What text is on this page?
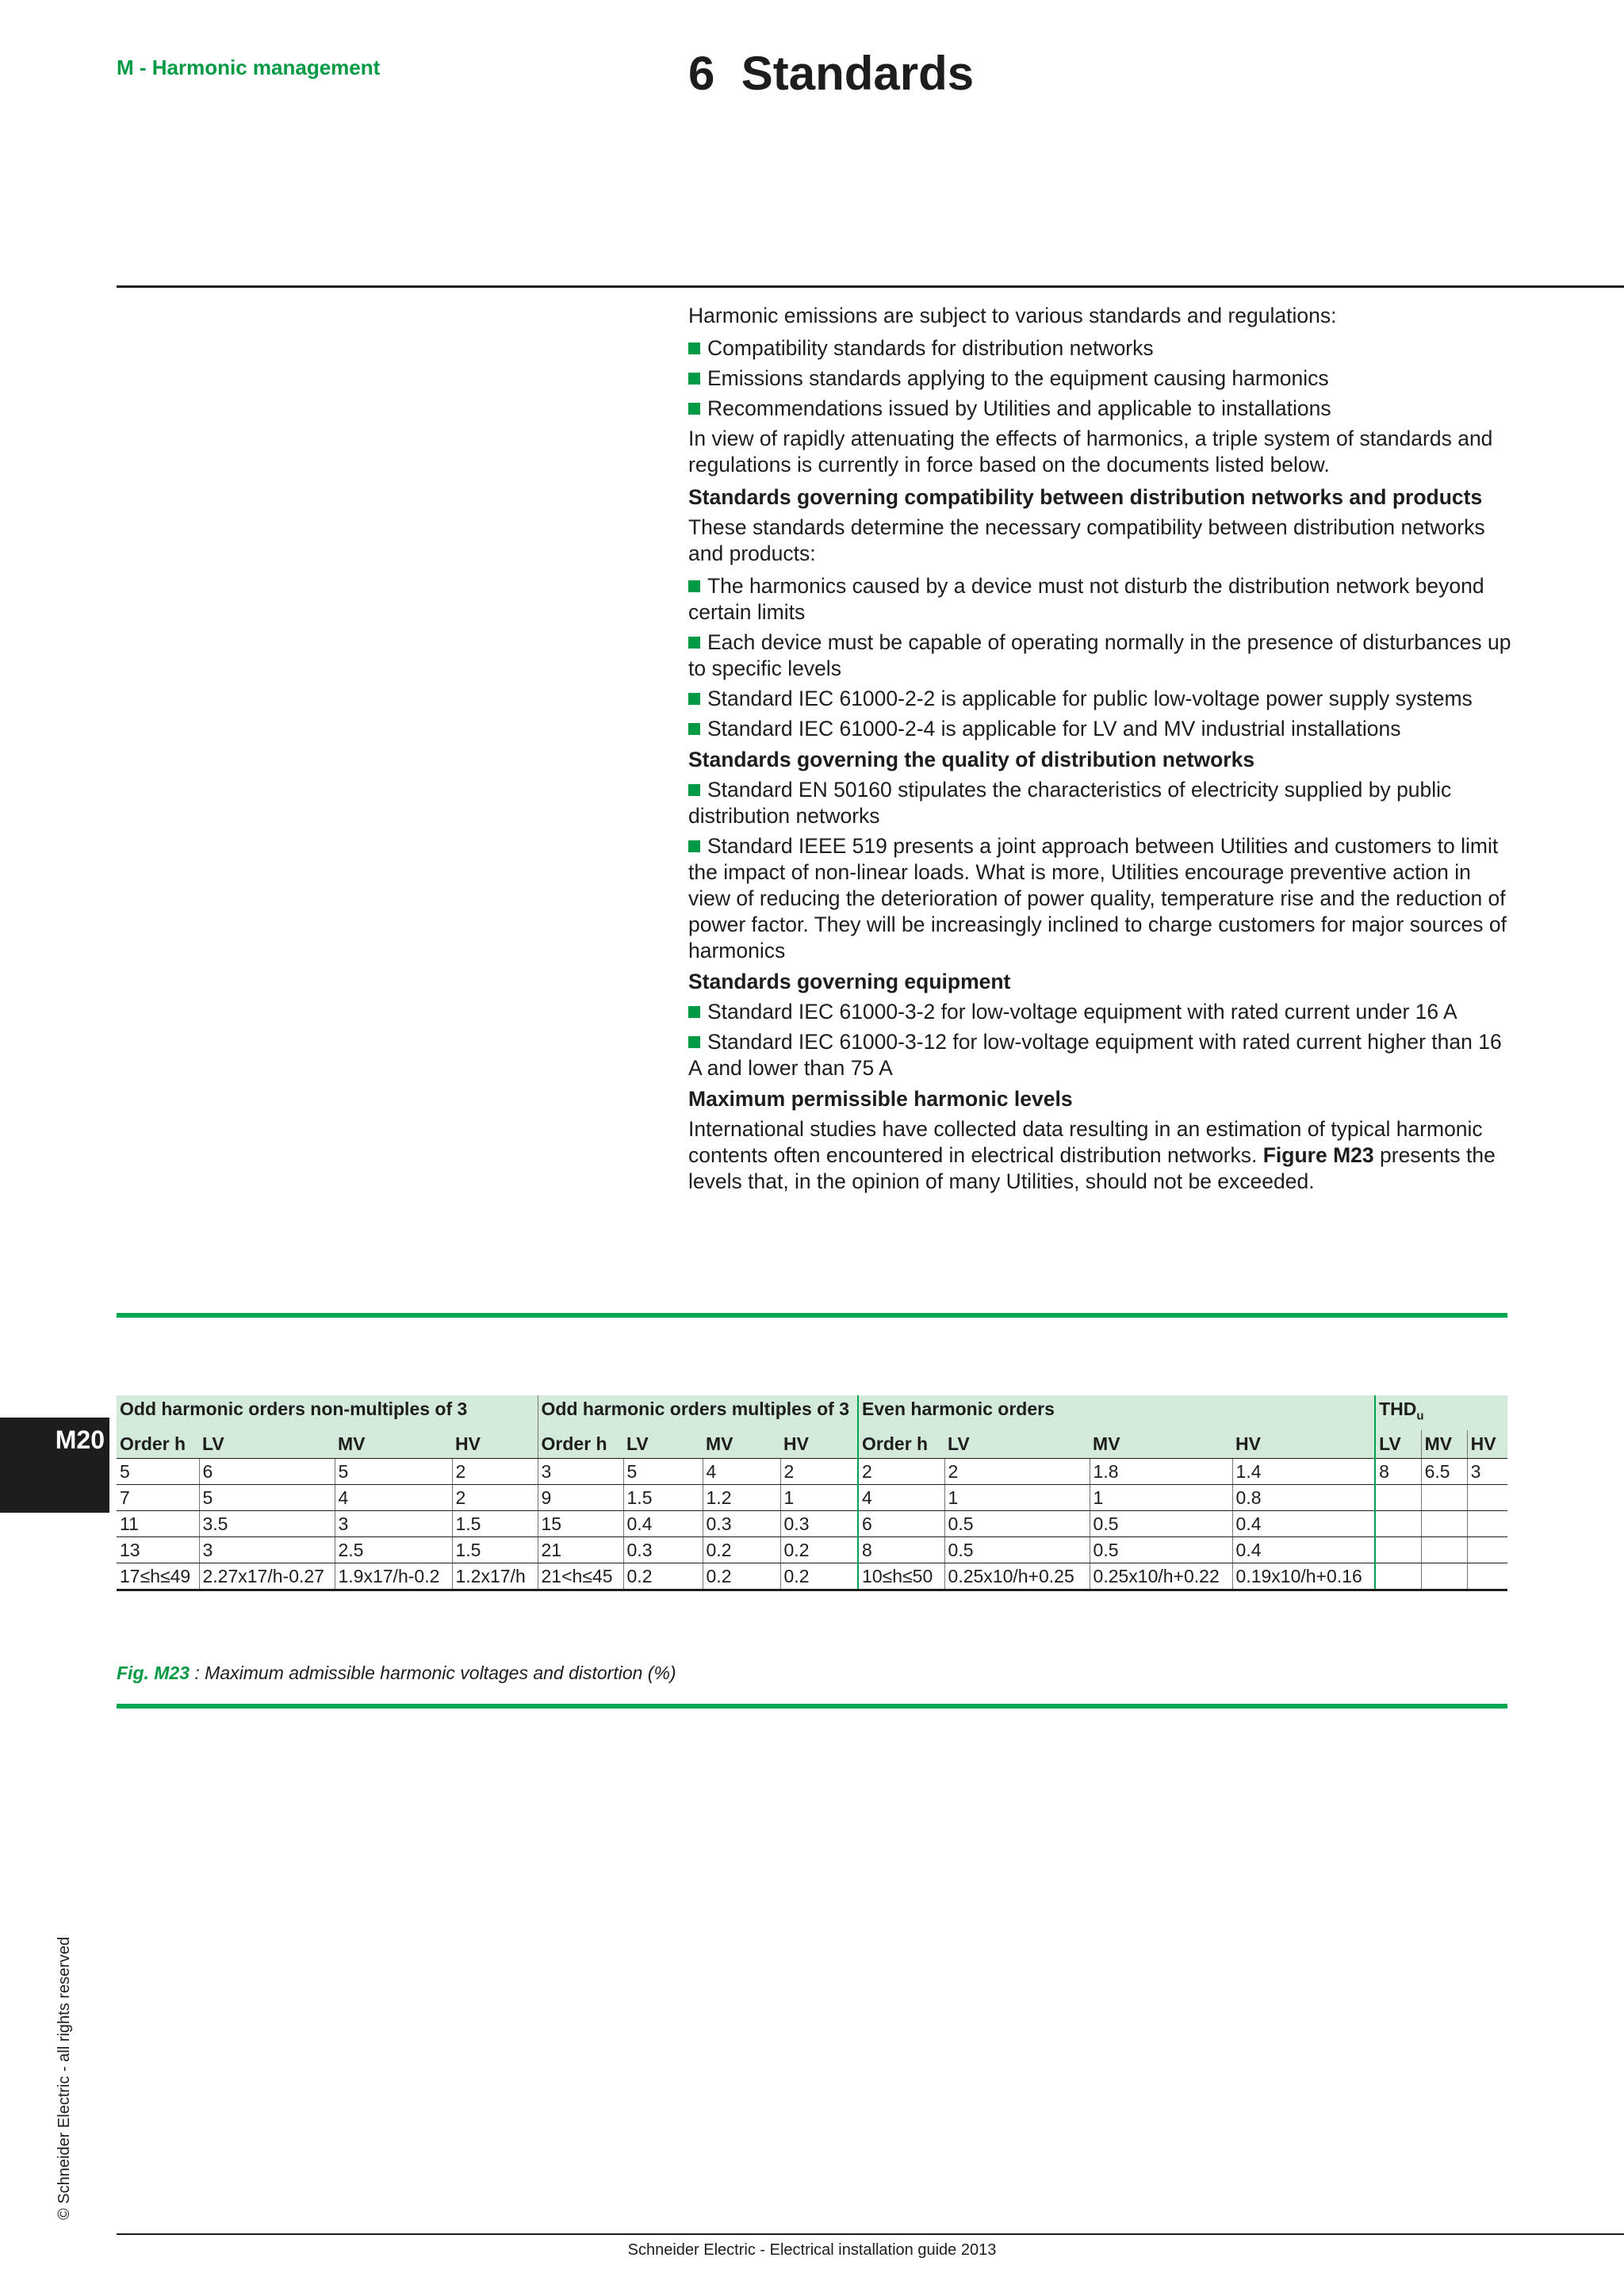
M - Harmonic management	6 Standards

Harmonic emissions are subject to various standards and regulations:

Compatibility standards for distribution networks

Emissions standards applying to the equipment causing harmonics

Recommendations issued by Utilities and applicable to installations

In view of rapidly attenuating the effects of harmonics, a triple system of standards and regulations is currently in force based on the documents listed below.

Standards governing compatibility between distribution networks and products

These standards determine the necessary compatibility between distribution networks and products:

The harmonics caused by a device must not disturb the distribution network beyond certain limits

Each device must be capable of operating normally in the presence of disturbances up to specific levels

Standard IEC 61000-2-2 is applicable for public low-voltage power supply systems

Standard IEC 61000-2-4 is applicable for LV and MV industrial installations

Standards governing the quality of distribution networks

Standard EN 50160 stipulates the characteristics of electricity supplied by public distribution networks

Standard IEEE 519 presents a joint approach between Utilities and customers to limit the impact of non-linear loads. What is more, Utilities encourage preventive action in view of reducing the deterioration of power quality, temperature rise and the reduction of power factor. They will be increasingly inclined to charge customers for major sources of harmonics

Standards governing equipment

Standard IEC 61000-3-2 for low-voltage equipment with rated current under 16 A

Standard IEC 61000-3-12 for low-voltage equipment with rated current higher than 16 A and lower than 75 A

Maximum permissible harmonic levels

International studies have collected data resulting in an estimation of typical harmonic contents often encountered in electrical distribution networks. Figure M23 presents the levels that, in the opinion of many Utilities, should not be exceeded.

Odd harmonic orders non-multiples of 3				Odd harmonic orders multiples of 3				Even harmonic orders				$THD_u$
Order h	LV	MV	HV	Order h	LV	MV	HV	Order h	LV	MV	HV	LV	MV	HV
5	6	5	2	3	5	4	2	2	2	1.8	1.4	8	6.5	3
7	5	4	2	9	1.5	1.2	1	4	1	1	0.8			
11	3.5	3	1.5	15	0.4	0.3	0.3	6	0.5	0.5	0.4			
13	3	2.5	1.5	21	0.3	0.2	0.2	8	0.5	0.5	0.4			
17≤h≤49	2.27x17/h-0.27	1.9x17/h-0.2	1.2x17/h	21<h≤45	0.2	0.2	0.2	10≤h≤50	0.25x10/h+0.25	0.25x10/h+0.22	0.19x10/h+0.16			
Fig. M23 : Maximum admissible harmonic voltages and distortion (%)
M20
© Schneider Electric - all rights reserved
Schneider Electric - Electrical installation guide 2013
